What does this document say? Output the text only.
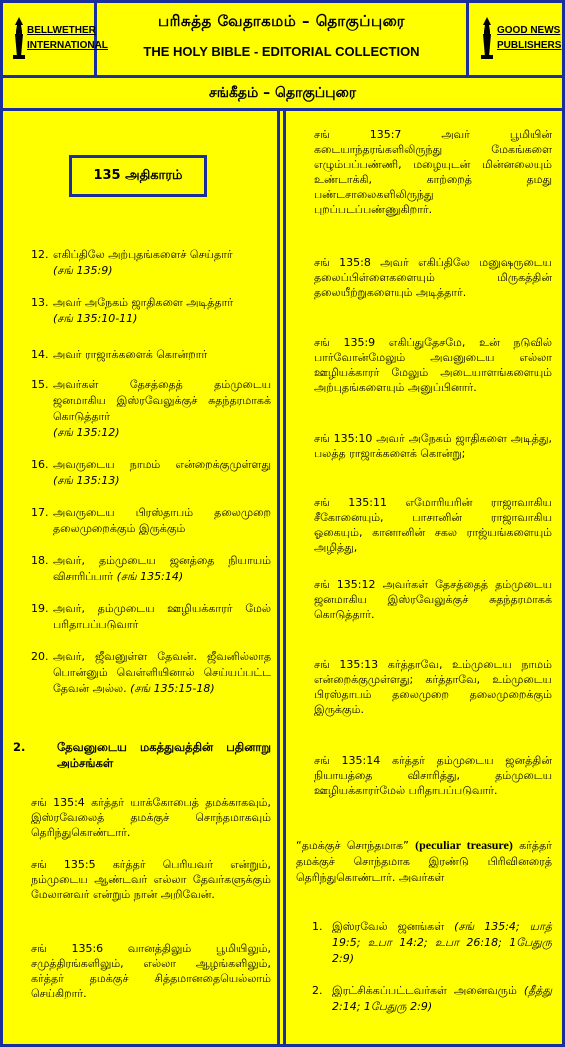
BELLWETHER
INTERNATIONAL
பரிசுத்த வேதாகமம் – தொகுப்புரை
THE HOLY BIBLE - EDITORIAL COLLECTION
GOOD NEWS
PUBLISHERS
சங்கீதம் – தொகுப்புரை
135 அதிகாரம்
12. எகிப்திலே அற்புதங்களைச் செய்தார்
(சங் 135:9)
13. அவர் அநேகம் ஜாதிகளை அடித்தார்
(சங் 135:10-11)
14. அவர் ராஜாக்களைக் கொன்றார்
15. அவர்கள் தேசத்தைத் தம்முடைய ஜனமாகிய இஸ்ரவேலுக்குச் சுதந்தரமாகக் கொடுத்தார்
(சங் 135:12)
16. அவருடைய நாமம் என்றைக்குமுள்ளது (சங் 135:13)
17. அவருடைய பிரஸ்தாபம் தலைமுறை தலைமுறைக்கும் இருக்கும்
18. அவர், தம்முடைய ஜனத்தை நியாயம் விசாரிப்பார் (சங் 135:14)
19. அவர், தம்முடைய ஊழியக்காரர் மேல் பரிதாபப்படுவார்
20. அவர், ஜீவனுள்ள தேவன். ஜீவனில்லாத பொன்னும் வெள்ளியினால் செய்யப்பட்ட தேவன் அல்ல. (சங் 135:15-18)
2.	தேவனுடைய மகத்துவத்தின் பதினாறு அம்சங்கள்
சங் 135:4 கர்த்தர் யாக்கோபைத் தமக்காகவும், இஸ்ரவேலைத் தமக்குச் சொந்தமாகவும் தெரிந்துகொண்டார்.
சங் 135:5 கர்த்தர் பெரியவர் என்றும், நம்முடைய ஆண்டவர் எல்லா தேவர்களுக்கும் மேலானவர் என்றும் நான் அறிவேன்.
சங் 135:6 வானத்திலும் பூமியிலும், சமுத்திரங்களிலும், எல்லா ஆழங்களிலும், கர்த்தர் தமக்குச் சித்தமானதையெல்லாம் செய்கிறார்.
சங் 135:7 அவர் பூமியின் கடையாந்தரங்களிலிருந்து மேகங்களை எழும்பப்பண்ணி, மழையுடன் மின்னலையும் உண்டாக்கி, காற்றைத் தமது பண்டசாலைகளிலிருந்து புறப்படப்பண்ணுகிறார்.
சங் 135:8 அவர் எகிப்திலே மனுஷருடைய தலைப்பிள்ளைகளையும் மிருகத்தின் தலையீற்றுகளையும் அடித்தார்.
சங் 135:9 எகிப்துதேசமே, உன் நடுவில் பார்வோன்மேலும் அவனுடைய எல்லா ஊழியக்காரர் மேலும் அடையாளங்களையும் அற்புதங்களையும் அனுப்பினார்.
சங் 135:10 அவர் அநேகம் ஜாதிகளை அடித்து, பலத்த ராஜாக்களைக் கொன்று;
சங் 135:11 எமோரியரின் ராஜாவாகிய சீகோனையும், பாசானின் ராஜாவாகிய ஓகையும், கானானின் சகல ராஜ்யங்களையும் அழித்து,
சங் 135:12 அவர்கள் தேசத்தைத் தம்முடைய ஜனமாகிய இஸ்ரவேலுக்குச் சுதந்தரமாகக் கொடுத்தார்.
சங் 135:13 கர்த்தாவே, உம்முடைய நாமம் என்றைக்குமுள்ளது; கர்த்தாவே, உம்முடைய பிரஸ்தாபம் தலைமுறை தலைமுறைக்கும் இருக்கும்.
சங் 135:14 கர்த்தர் தம்முடைய ஜனத்தின் நியாயத்தை விசாரித்து, தம்முடைய ஊழியக்காரர்மேல் பரிதாபப்படுவார்.
“தமக்குச் சொந்தமாக” (peculiar treasure) கர்த்தர் தமக்குச் சொந்தமாக இரண்டு பிரிவினரைத் தெரிந்துகொண்டார். அவர்கள்
1. இஸ்ரவேல் ஜனங்கள் (சங் 135:4; யாத் 19:5; உபா 14:2; உபா 26:18; 1பேதுரு 2:9)
2. இரட்சிக்கப்பட்டவர்கள் அனைவரும் (தீத்து 2:14; 1பேதுரு 2:9)
